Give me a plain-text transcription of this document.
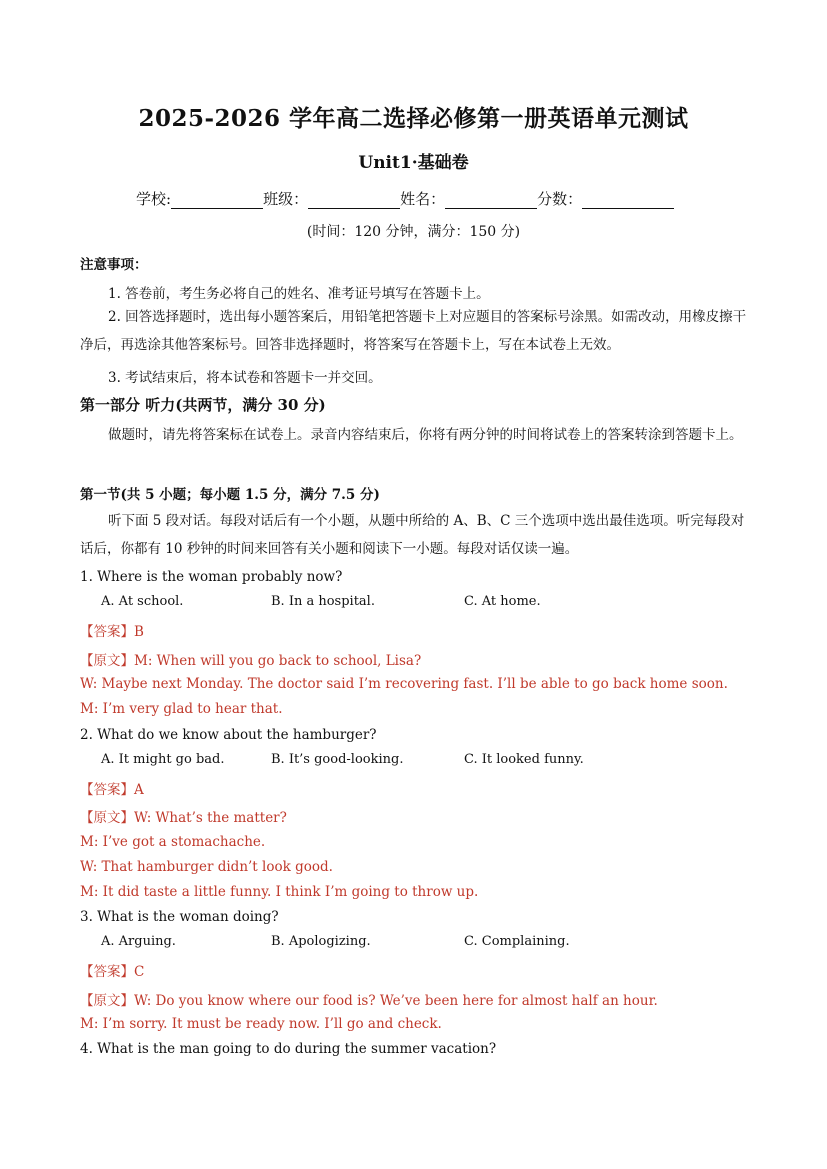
2025-2026 学年高二选择必修第一册英语单元测试
Unit1·基础卷
学校:	班级：	姓名：	分数：
(时间：120 分钟，满分：150 分)
注意事项：
1. 答卷前，考生务必将自己的姓名、准考证号填写在答题卡上。
2. 回答选择题时，选出每小题答案后，用铅笔把答题卡上对应题目的答案标号涂黑。如需改动，用橡皮擦干净后，再选涂其他答案标号。回答非选择题时，将答案写在答题卡上，写在本试卷上无效。
3. 考试结束后，将本试卷和答题卡一并交回。
第一部分 听力(共两节，满分 30 分)
做题时，请先将答案标在试卷上。录音内容结束后，你将有两分钟的时间将试卷上的答案转涂到答题卡上。
第一节(共 5 小题；每小题 1.5 分，满分 7.5 分)
听下面 5 段对话。每段对话后有一个小题，从题中所给的 A、B、C 三个选项中选出最佳选项。听完每段对话后，你都有 10 秒钟的时间来回答有关小题和阅读下一小题。每段对话仅读一遍。
1. Where is the woman probably now?
A. At school.	B. In a hospital.	C. At home.
【答案】B
【原文】M: When will you go back to school, Lisa?
W: Maybe next Monday. The doctor said I’m recovering fast. I’ll be able to go back home soon.
M: I’m very glad to hear that.
2. What do we know about the hamburger?
A. It might go bad.	B. It’s good-looking.	C. It looked funny.
【答案】A
【原文】W: What’s the matter?
M: I’ve got a stomachache.
W: That hamburger didn’t look good.
M: It did taste a little funny. I think I’m going to throw up.
3. What is the woman doing?
A. Arguing.	B. Apologizing.	C. Complaining.
【答案】C
【原文】W: Do you know where our food is? We’ve been here for almost half an hour.
M: I’m sorry. It must be ready now. I’ll go and check.
4. What is the man going to do during the summer vacation?
